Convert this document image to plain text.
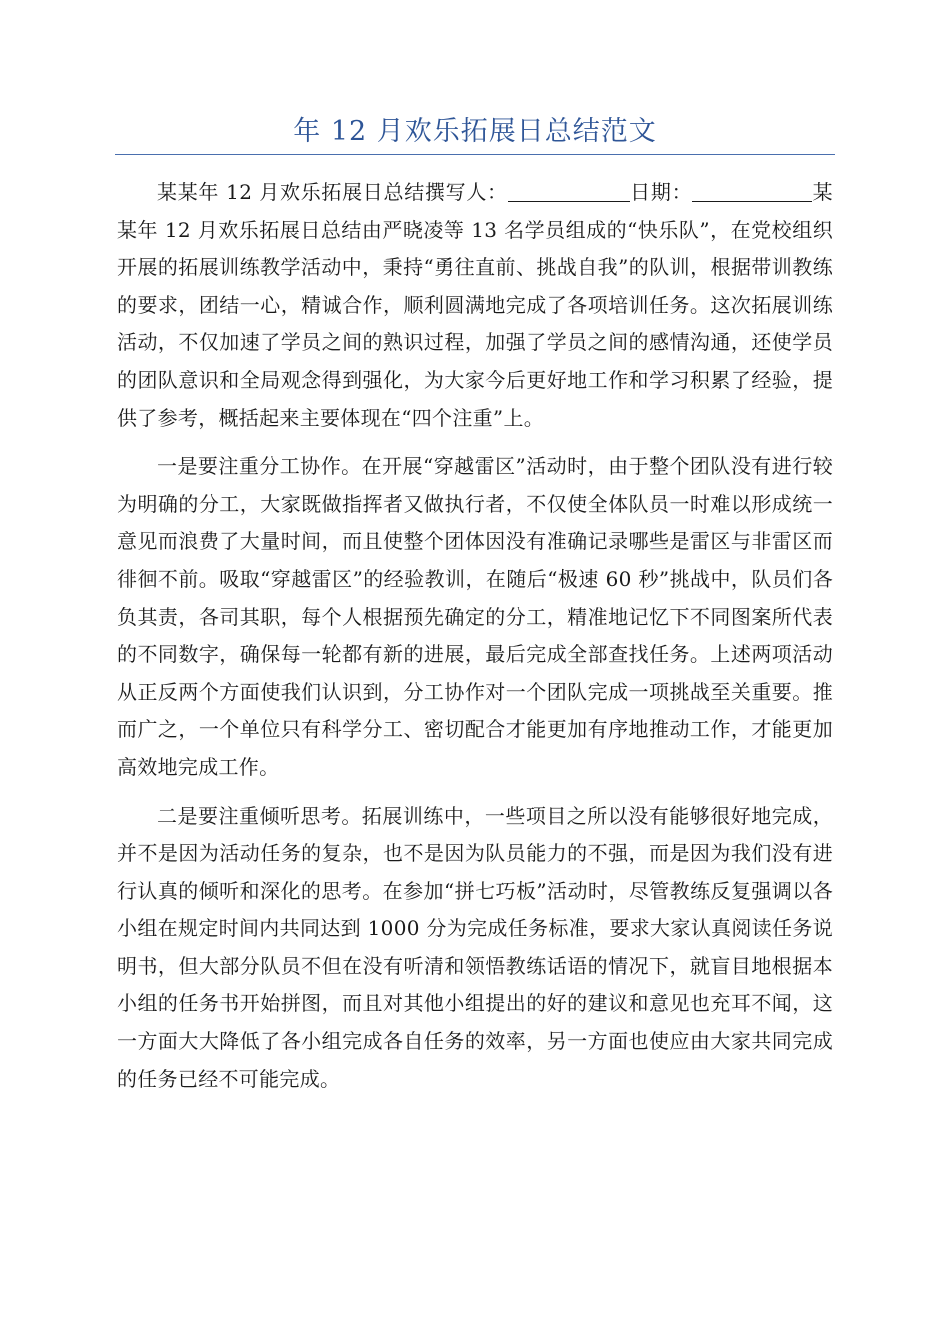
年 12 月欢乐拓展日总结范文

某某年 12 月欢乐拓展日总结撰写人：	日期：	某某年 12 月欢乐拓展日总结由严晓凌等 13 名学员组成的“快乐队”，在党校组织开展的拓展训练教学活动中，秉持“勇往直前、挑战自我”的队训，根据带训教练的要求，团结一心，精诚合作，顺利圆满地完成了各项培训任务。这次拓展训练活动，不仅加速了学员之间的熟识过程，加强了学员之间的感情沟通，还使学员的团队意识和全局观念得到强化，为大家今后更好地工作和学习积累了经验，提供了参考，概括起来主要体现在“四个注重”上。

一是要注重分工协作。在开展“穿越雷区”活动时，由于整个团队没有进行较为明确的分工，大家既做指挥者又做执行者，不仅使全体队员一时难以形成统一意见而浪费了大量时间，而且使整个团体因没有准确记录哪些是雷区与非雷区而徘徊不前。吸取“穿越雷区”的经验教训，在随后“极速 60 秒”挑战中，队员们各负其责，各司其职，每个人根据预先确定的分工，精准地记忆下不同图案所代表的不同数字，确保每一轮都有新的进展，最后完成全部查找任务。上述两项活动从正反两个方面使我们认识到，分工协作对一个团队完成一项挑战至关重要。推而广之，一个单位只有科学分工、密切配合才能更加有序地推动工作，才能更加高效地完成工作。

二是要注重倾听思考。拓展训练中，一些项目之所以没有能够很好地完成，并不是因为活动任务的复杂，也不是因为队员能力的不强，而是因为我们没有进行认真的倾听和深化的思考。在参加“拼七巧板”活动时，尽管教练反复强调以各小组在规定时间内共同达到 1000 分为完成任务标准，要求大家认真阅读任务说明书，但大部分队员不但在没有听清和领悟教练话语的情况下，就盲目地根据本小组的任务书开始拼图，而且对其他小组提出的好的建议和意见也充耳不闻，这一方面大大降低了各小组完成各自任务的效率，另一方面也使应由大家共同完成的任务已经不可能完成。
